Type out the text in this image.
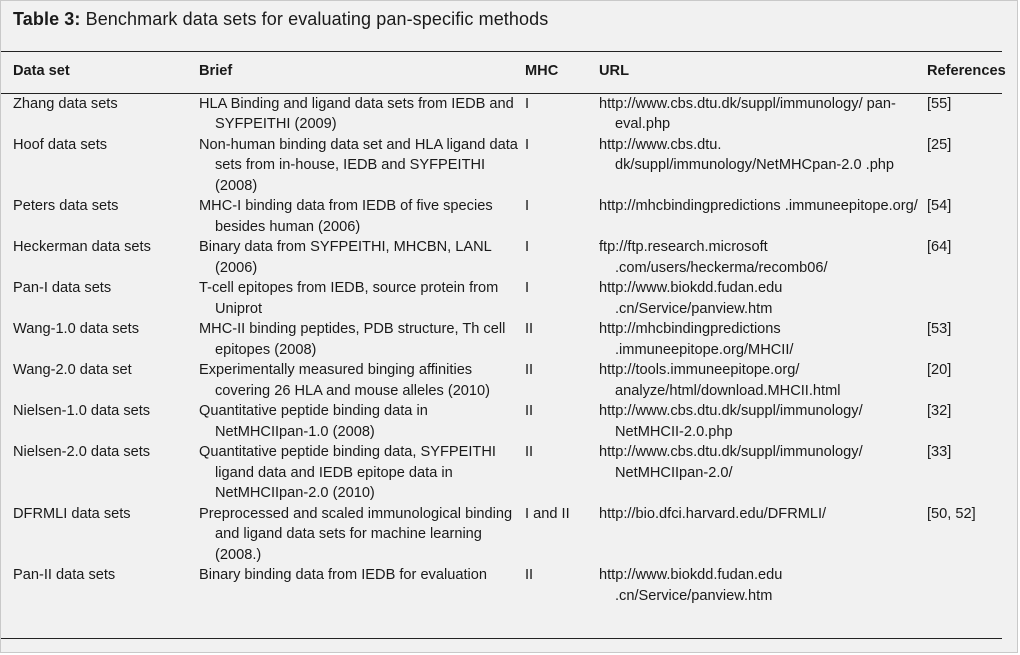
Table 3: Benchmark data sets for evaluating pan-specific methods
Data set	Brief	MHC	URL	References
Zhang data sets	HLA Binding and ligand data sets from IEDB and SYFPEITHI (2009)	I	http://www.cbs.dtu.dk/suppl/immunology/ pan-eval.php	[55]
Hoof data sets	Non-human binding data set and HLA ligand data sets from in-house, IEDB and SYFPEITHI (2008)	I	http://www.cbs.dtu. dk/suppl/immunology/NetMHCpan-2.0 .php	[25]
Peters data sets	MHC-I binding data from IEDB of five species besides human (2006)	I	http://mhcbindingpredictions .immuneepitope.org/	[54]
Heckerman data sets	Binary data from SYFPEITHI, MHCBN, LANL (2006)	I	ftp://ftp.research.microsoft .com/users/heckerma/recomb06/	[64]
Pan-I data sets	T-cell epitopes from IEDB, source protein from Uniprot	I	http://www.biokdd.fudan.edu .cn/Service/panview.htm	
Wang-1.0 data sets	MHC-II binding peptides, PDB structure, Th cell epitopes (2008)	II	http://mhcbindingpredictions .immuneepitope.org/MHCII/	[53]
Wang-2.0 data set	Experimentally measured binging affinities covering 26 HLA and mouse alleles (2010)	II	http://tools.immuneepitope.org/ analyze/html/download.MHCII.html	[20]
Nielsen-1.0 data sets	Quantitative peptide binding data in NetMHCIIpan-1.0 (2008)	II	http://www.cbs.dtu.dk/suppl/immunology/ NetMHCII-2.0.php	[32]
Nielsen-2.0 data sets	Quantitative peptide binding data, SYFPEITHI ligand data and IEDB epitope data in NetMHCIIpan-2.0 (2010)	II	http://www.cbs.dtu.dk/suppl/immunology/ NetMHCIIpan-2.0/	[33]
DFRMLI data sets	Preprocessed and scaled immunological binding and ligand data sets for machine learning (2008.)	I and II	http://bio.dfci.harvard.edu/DFRMLI/	[50, 52]
Pan-II data sets	Binary binding data from IEDB for evaluation	II	http://www.biokdd.fudan.edu .cn/Service/panview.htm	
